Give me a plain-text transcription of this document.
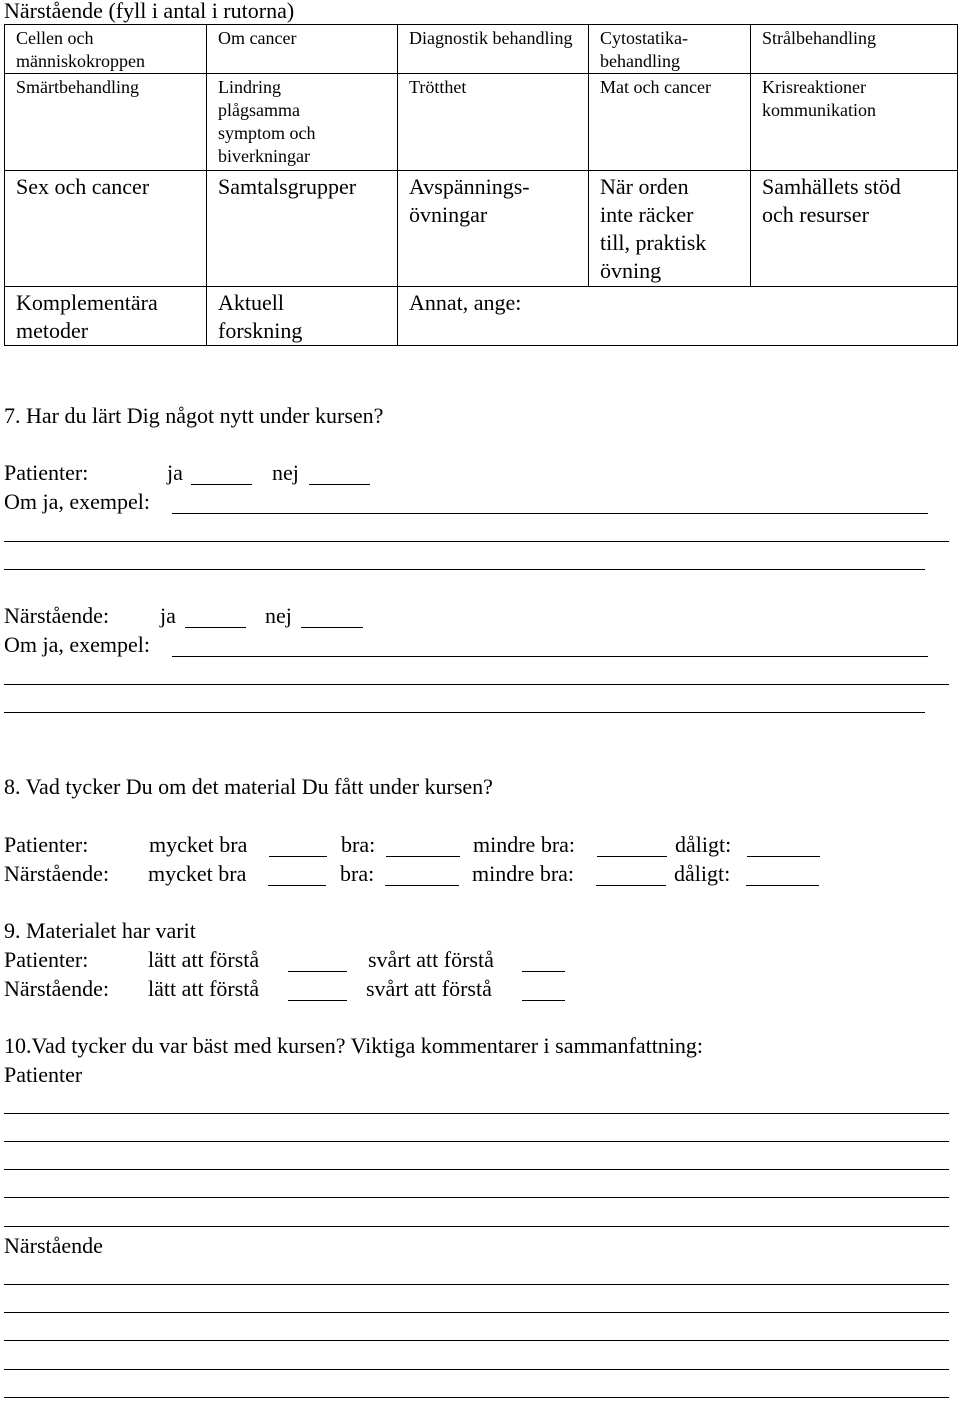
Närstående (fyll i antal i rutorna)
Cellen och människokroppen	Om cancer	Diagnostik behandling	Cytostatika-behandling	Strålbehandling
Smärtbehandling	Lindring plågsamma symptom och biverkningar	Trötthet	Mat och cancer	Krisreaktioner kommunikation
Sex och cancer	Samtalsgrupper	Avspännings-övningar	När orden inte räcker till, praktisk övning	Samhällets stöd och resurser
Komplementära metoder	Aktuell forskning	Annat, ange:		
7. Har du lärt Dig något nytt under kursen?
Patienter:	ja	nej
Om ja, exempel:
Närstående: ja	nej
Om ja, exempel:
8. Vad tycker Du om det material Du fått under kursen?
Patienter:	mycket bra	bra:	mindre bra:	dåligt:
Närstående: mycket bra	bra:	mindre bra:	dåligt:
9. Materialet har varit
Patienter:	lätt att förstå	svårt att förstå
Närstående: lätt att förstå	svårt att förstå
10.Vad tycker du var bäst med kursen? Viktiga kommentarer i sammanfattning:
Patienter
Närstående
